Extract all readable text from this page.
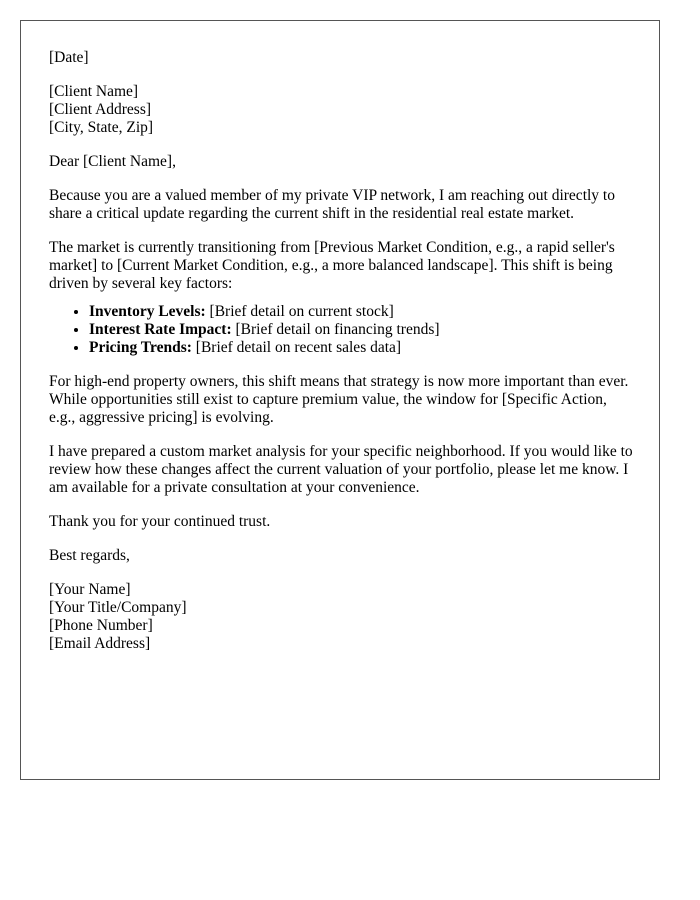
[Date]

[Client Name]
[Client Address]
[City, State, Zip]

Dear [Client Name],

Because you are a valued member of my private VIP network, I am reaching out directly to share a critical update regarding the current shift in the residential real estate market.

The market is currently transitioning from [Previous Market Condition, e.g., a rapid seller's market] to [Current Market Condition, e.g., a more balanced landscape]. This shift is being driven by several key factors:

• Inventory Levels: [Brief detail on current stock]
• Interest Rate Impact: [Brief detail on financing trends]
• Pricing Trends: [Brief detail on recent sales data]

For high-end property owners, this shift means that strategy is now more important than ever. While opportunities still exist to capture premium value, the window for [Specific Action, e.g., aggressive pricing] is evolving.

I have prepared a custom market analysis for your specific neighborhood. If you would like to review how these changes affect the current valuation of your portfolio, please let me know. I am available for a private consultation at your convenience.

Thank you for your continued trust.

Best regards,

[Your Name]
[Your Title/Company]
[Phone Number]
[Email Address]
